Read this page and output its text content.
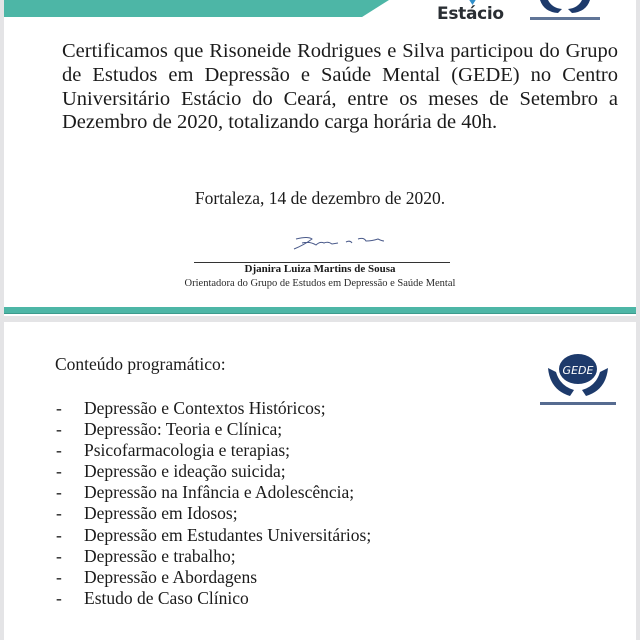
Estácio

Certificamos que Risoneide Rodrigues e Silva participou do Grupo de Estudos em Depressão e Saúde Mental (GEDE) no Centro Universitário Estácio do Ceará, entre os meses de Setembro a Dezembro de 2020, totalizando carga horária de 40h.

Fortaleza, 14 de dezembro de 2020.
Djanira Luiza Martins de Sousa
Orientadora do Grupo de Estudos em Depressão e Saúde Mental
Conteúdo programático:	GEDE
-	Depressão e Contextos Históricos;
-	Depressão: Teoria e Clínica;
-	Psicofarmacologia e terapias;
-	Depressão e ideação suicida;
-	Depressão na Infância e Adolescência;
-	Depressão em Idosos;
-	Depressão em Estudantes Universitários;
-	Depressão e trabalho;
-	Depressão e Abordagens
-	Estudo de Caso Clínico
